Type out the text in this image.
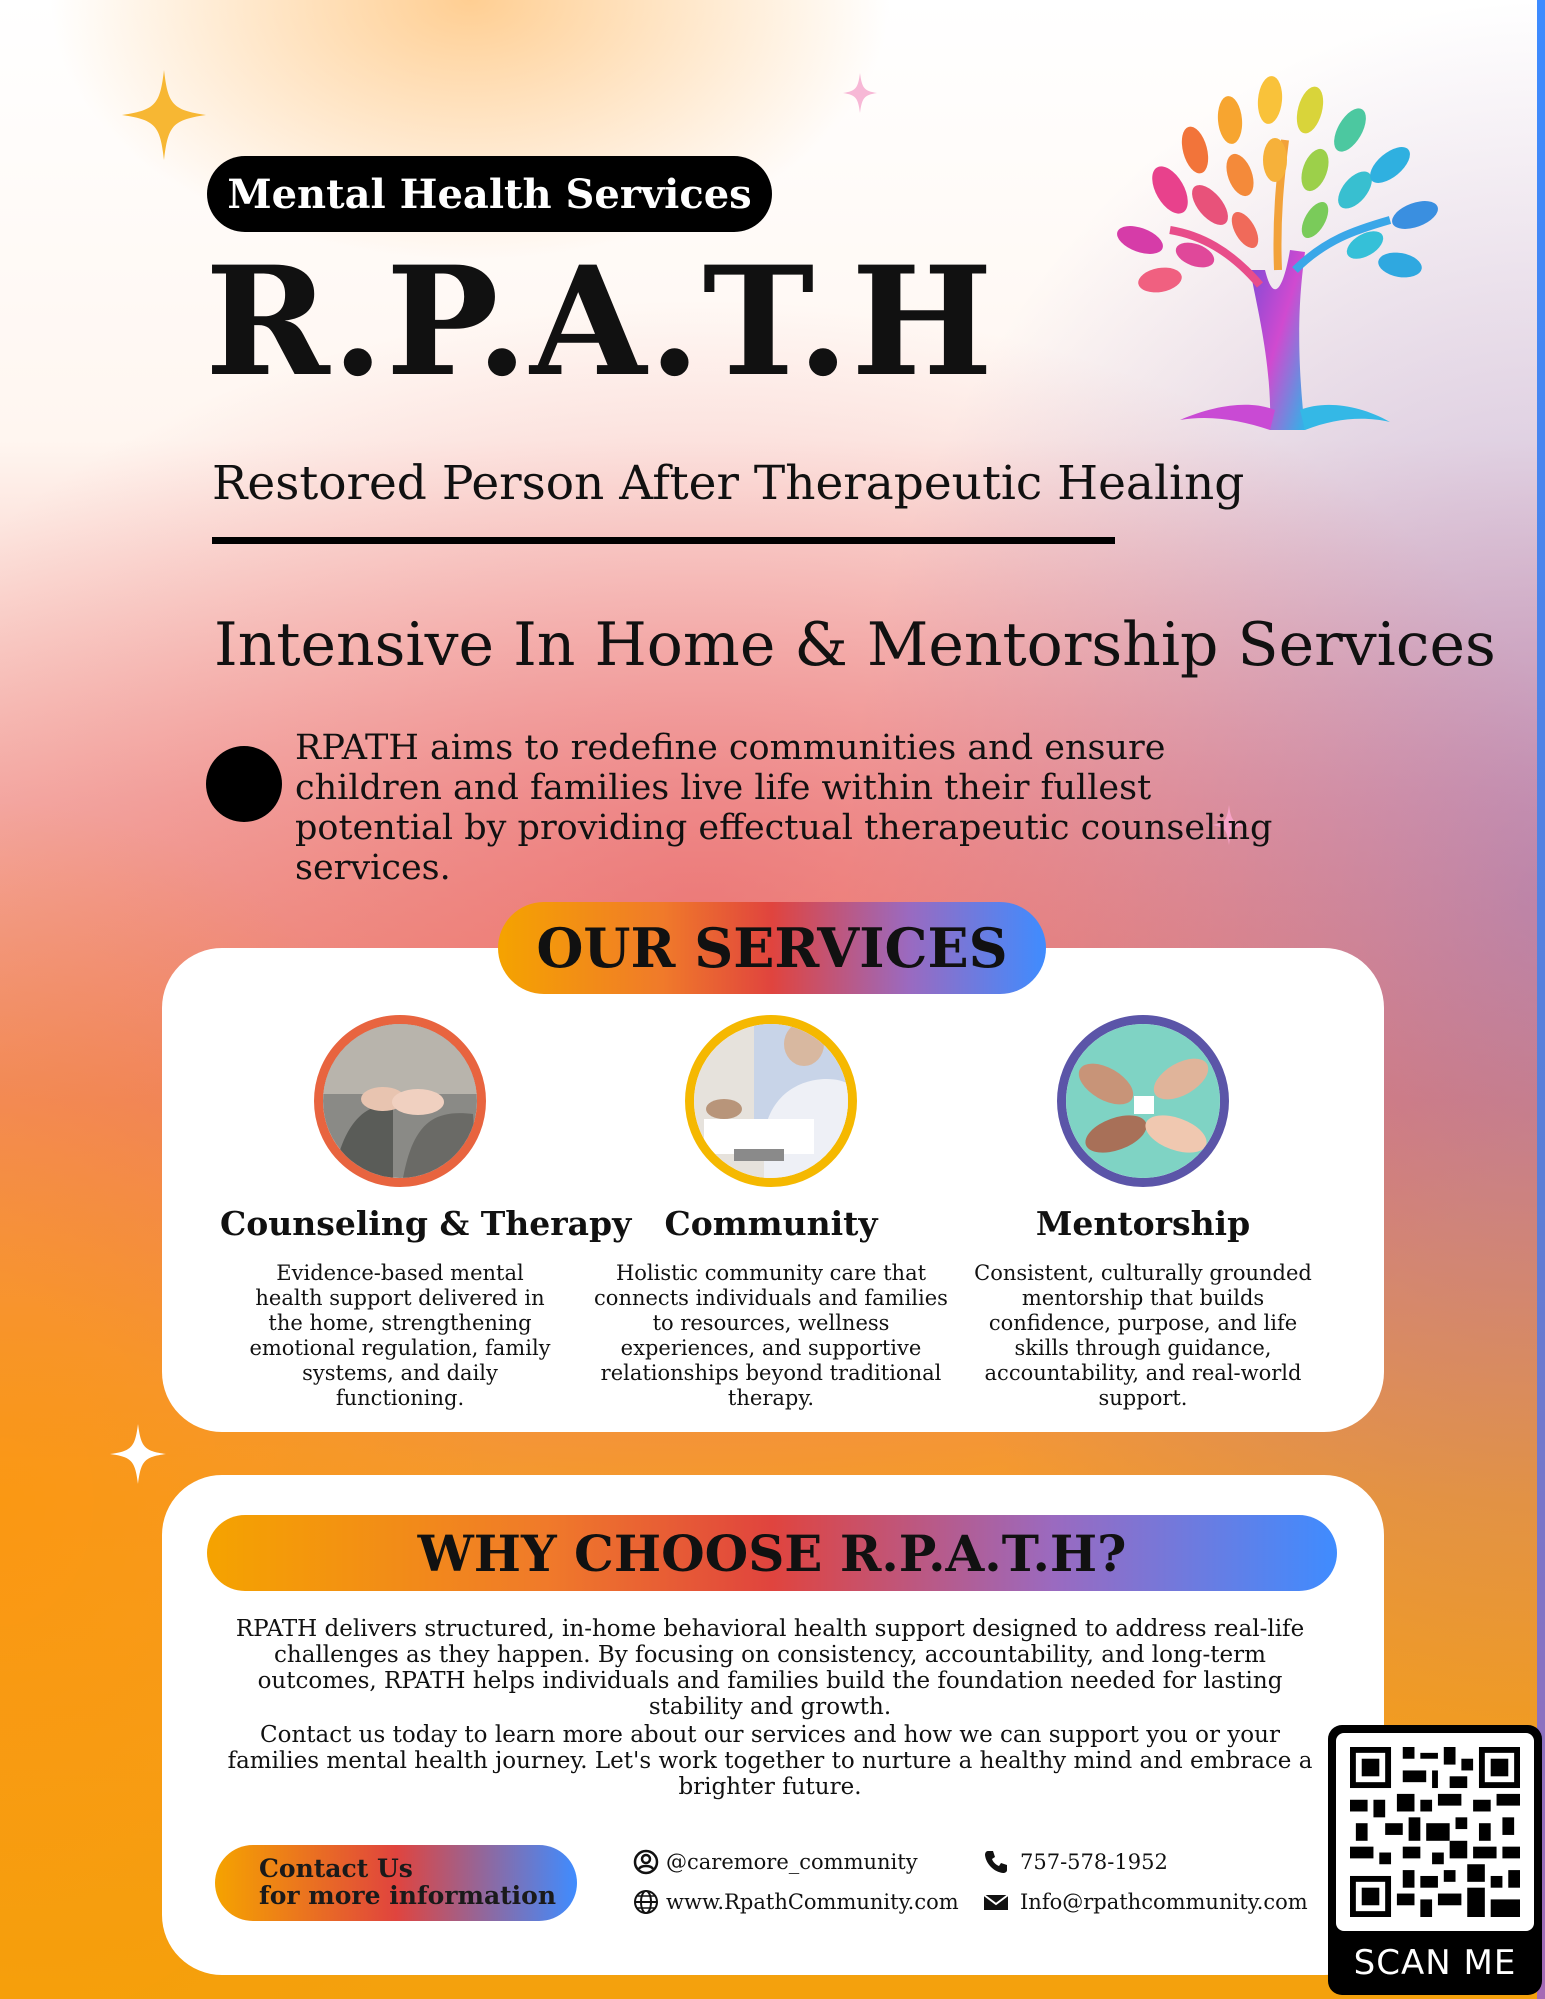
Mental Health Services
R.P.A.T.H
Restored Person After Therapeutic Healing
Intensive In Home & Mentorship Services
RPATH aims to redefine communities and ensure children and families live life within their fullest potential by providing effectual therapeutic counseling services.
OUR SERVICES
Counseling & Therapy
Evidence-based mental health support delivered in the home, strengthening emotional regulation, family systems, and daily functioning.
Community
Holistic community care that connects individuals and families to resources, wellness experiences, and supportive relationships beyond traditional therapy.
Mentorship
Consistent, culturally grounded mentorship that builds confidence, purpose, and life skills through guidance, accountability, and real-world support.
WHY CHOOSE R.P.A.T.H?
RPATH delivers structured, in-home behavioral health support designed to address real-life challenges as they happen. By focusing on consistency, accountability, and long-term outcomes, RPATH helps individuals and families build the foundation needed for lasting stability and growth.
Contact us today to learn more about our services and how we can support you or your families mental health journey. Let's work together to nurture a healthy mind and embrace a brighter future.
Contact Us
for more information
@caremore_community
www.RpathCommunity.com
757-578-1952
Info@rpathcommunity.com
SCAN ME
